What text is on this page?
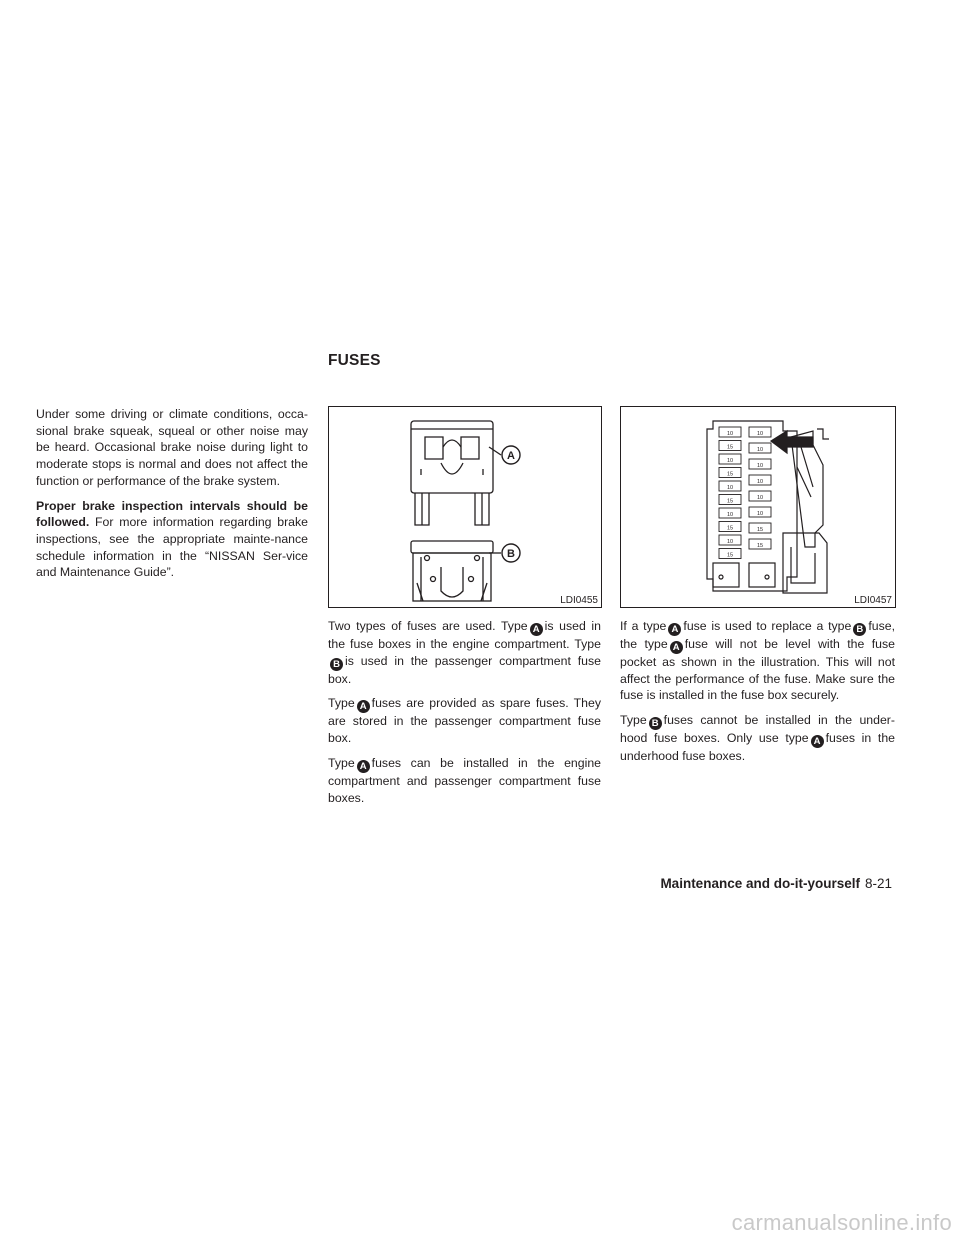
FUSES

Under some driving or climate conditions, occa-sional brake squeak, squeal or other noise may be heard. Occasional brake noise during light to moderate stops is normal and does not affect the function or performance of the brake system.

Proper brake inspection intervals should be followed. For more information regarding brake inspections, see the appropriate mainte-nance schedule information in the “NISSAN Ser-vice and Maintenance Guide”.

A
B
LDI0455
10
15
10
15
10
15
10
15
10
15
10
10
10
10
10
10
15
15
LDI0457

Two types of fuses are used. Type A is used in the fuse boxes in the engine compartment. Type B is used in the passenger compartment fuse box.

Type A fuses are provided as spare fuses. They are stored in the passenger compartment fuse box.

Type A fuses can be installed in the engine compartment and passenger compartment fuse boxes.

If a type A fuse is used to replace a type B fuse, the type A fuse will not be level with the fuse pocket as shown in the illustration. This will not affect the performance of the fuse. Make sure the fuse is installed in the fuse box securely.

Type B fuses cannot be installed in the under-hood fuse boxes. Only use type A fuses in the underhood fuse boxes.

Maintenance and do-it-yourself 8-21
carmanualsonline.info
